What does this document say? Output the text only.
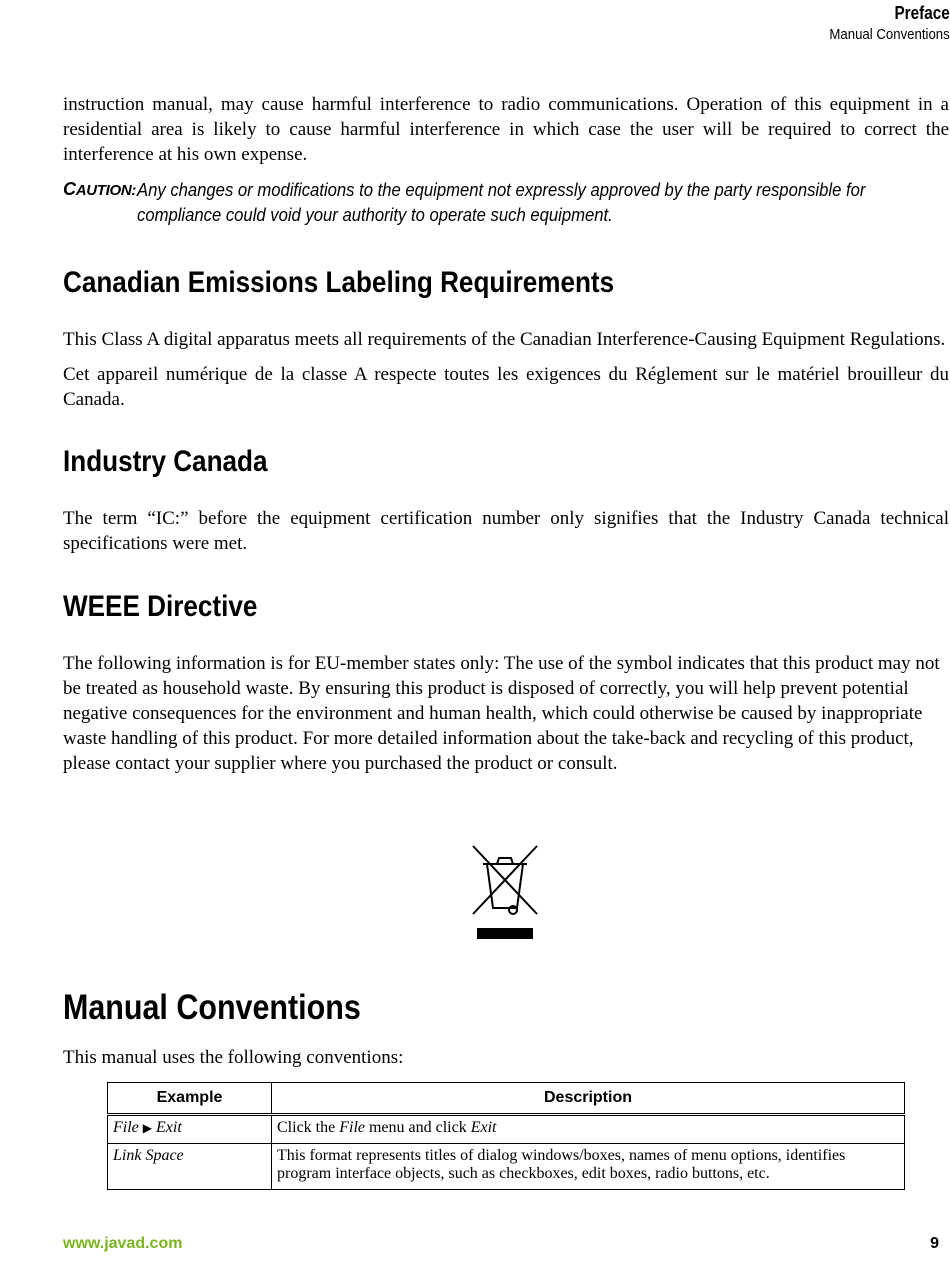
Preface
Manual Conventions

instruction manual, may cause harmful interference to radio communications. Operation of this equipment in a residential area is likely to cause harmful interference in which case the user will be required to correct the interference at his own expense.

CAUTION: Any changes or modifications to the equipment not expressly approved by the party responsible for compliance could void your authority to operate such equipment.
Canadian Emissions Labeling Requirements

This Class A digital apparatus meets all requirements of the Canadian Interference-Causing Equipment Regulations.

Cet appareil numérique de la classe A respecte toutes les exigences du Réglement sur le matériel brouilleur du Canada.

Industry Canada

The term “IC:” before the equipment certification number only signifies that the Industry Canada technical specifications were met.

WEEE Directive

The following information is for EU-member states only: The use of the symbol indicates that this product may not be treated as household waste. By ensuring this product is disposed of correctly, you will help prevent potential negative consequences for the environment and human health, which could otherwise be caused by inappropriate waste handling of this product. For more detailed information about the take-back and recycling of this product, please contact your supplier where you purchased the product or consult.

Manual Conventions

This manual uses the following conventions:

Example	Description
File ▶ Exit	Click the File menu and click Exit
Link Space	This format represents titles of dialog windows/boxes, names of menu options, identifies program interface objects, such as checkboxes, edit boxes, radio buttons, etc.
www.javad.com	9
